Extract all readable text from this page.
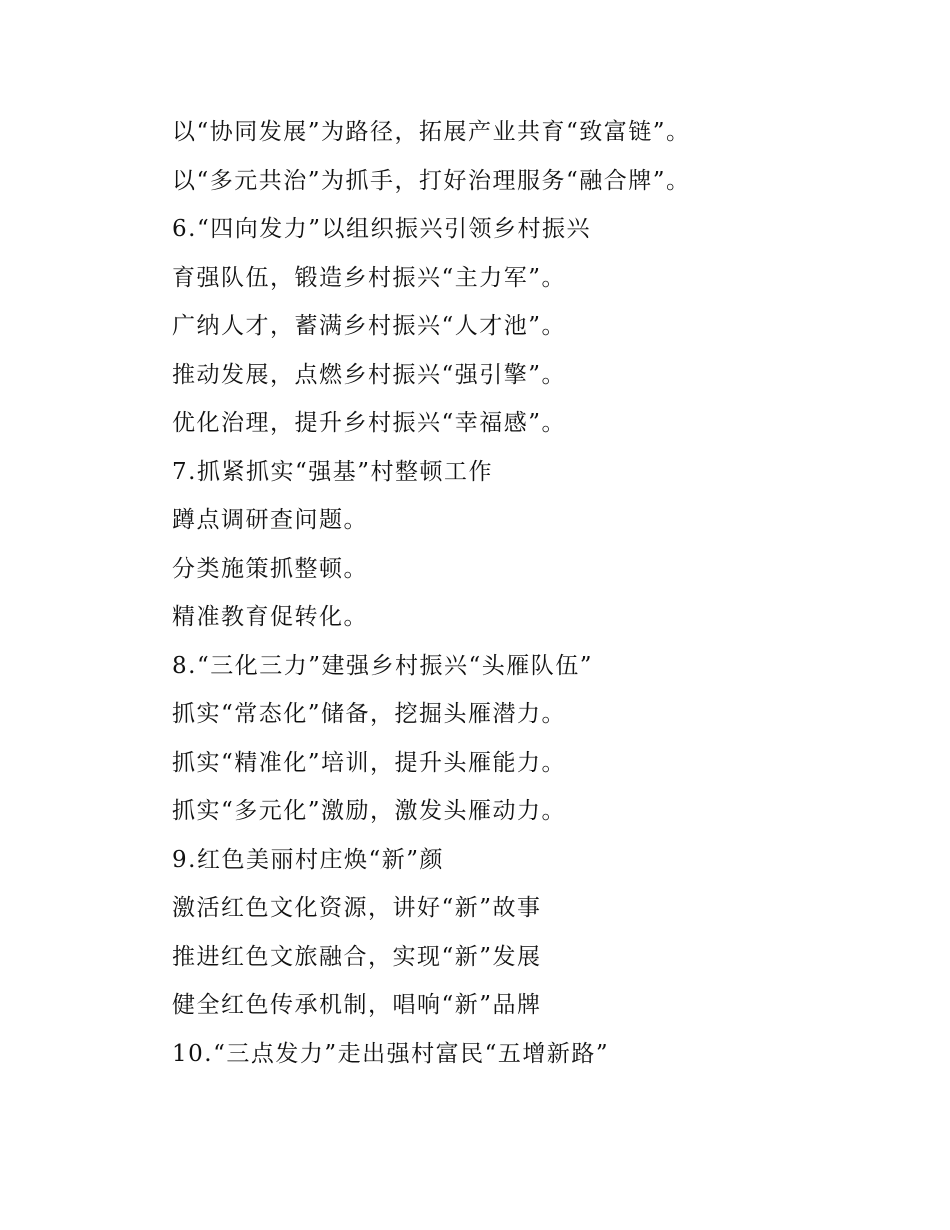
以“协同发展”为路径，拓展产业共育“致富链”。
以“多元共治”为抓手，打好治理服务“融合牌”。
6.“四向发力”以组织振兴引领乡村振兴
育强队伍，锻造乡村振兴“主力军”。
广纳人才，蓄满乡村振兴“人才池”。
推动发展，点燃乡村振兴“强引擎”。
优化治理，提升乡村振兴“幸福感”。
7.抓紧抓实“强基”村整顿工作
蹲点调研查问题。
分类施策抓整顿。
精准教育促转化。
8.“三化三力”建强乡村振兴“头雁队伍”
抓实“常态化”储备，挖掘头雁潜力。
抓实“精准化”培训，提升头雁能力。
抓实“多元化”激励，激发头雁动力。
9.红色美丽村庄焕“新”颜
激活红色文化资源，讲好“新”故事
推进红色文旅融合，实现“新”发展
健全红色传承机制，唱响“新”品牌
10.“三点发力”走出强村富民“五增新路”
